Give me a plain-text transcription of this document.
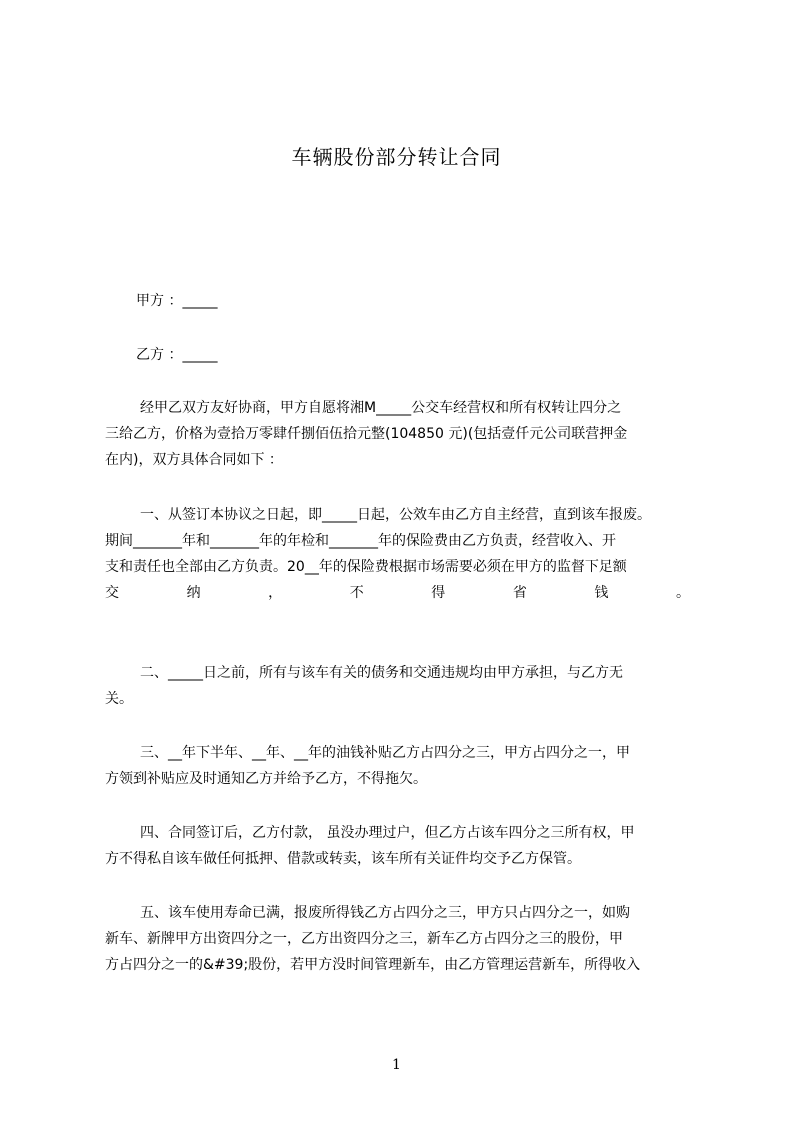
车辆股份部分转让合同
甲方 ：_____
乙方 ：_____
经甲乙双方友好协商，甲方自愿将湘M_____公交车经营权和所有权转让四分之
三给乙方，价格为壹拾万零肆仟捌佰伍拾元整(104850 元)(包括壹仟元公司联营押金
在内)，双方具体合同如下 ：
一、从签订本协议之日起，即_____日起，公效车由乙方自主经营，直到该车报废。
期间_______年和_______年的年检和_______年的保险费由乙方负责，经营收入、开
支和责任也全部由乙方负责。20__年的保险费根据市场需要必须在甲方的监督下足额
交	纳	，	不	得	省	钱	。
二、_____日之前，所有与该车有关的债务和交通违规均由甲方承担，与乙方无
关。
三、__年下半年、__年、__年的油钱补贴乙方占四分之三，甲方占四分之一，甲
方领到补贴应及时通知乙方并给予乙方，不得拖欠。
四、合同签订后，乙方付款， 虽没办理过户，但乙方占该车四分之三所有权，甲
方不得私自该车做任何抵押、借款或转卖，该车所有关证件均交予乙方保管。
五、该车使用寿命已满，报废所得钱乙方占四分之三，甲方只占四分之一，如购
新车、新牌甲方出资四分之一，乙方出资四分之三，新车乙方占四分之三的股份，甲
方占四分之一的&#39;股份，若甲方没时间管理新车，由乙方管理运营新车，所得收入
1
